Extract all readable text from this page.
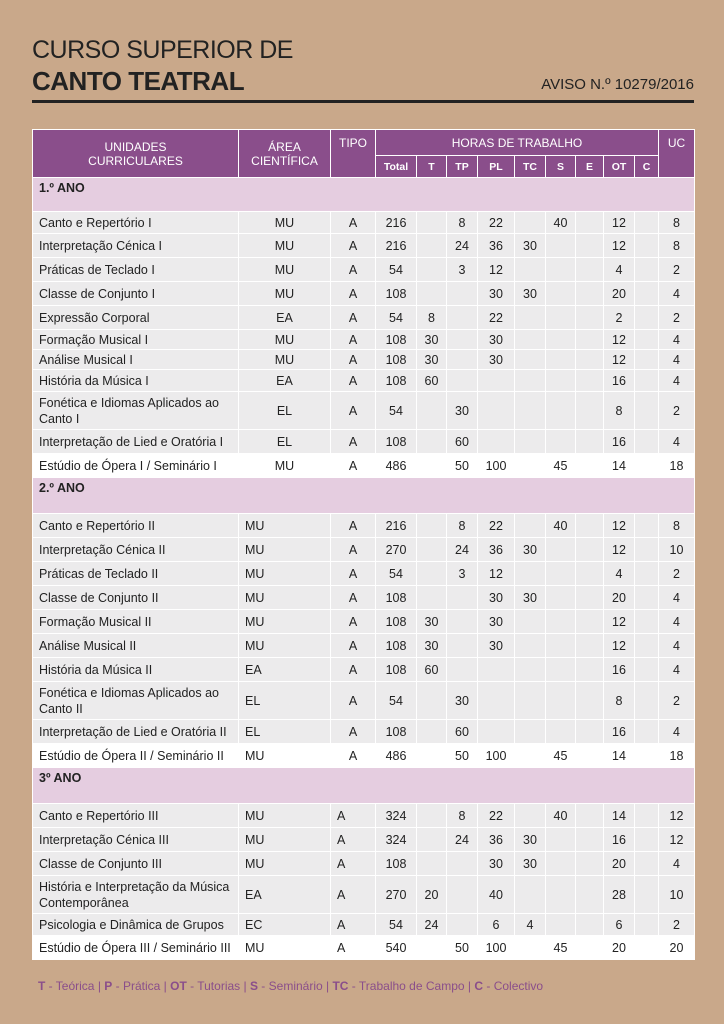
CURSO SUPERIOR DE
CANTO TEATRAL	AVISO N.º 10279/2016
UNIDADES CURRICULARES	ÁREA CIENTÍFICA	TIPO	HORAS DE TRABALHO									UC
			Total	T	TP	PL	TC	S	E	OT	C	
1.º ANO												
Canto e Repertório I	MU	A	216		8	22		40		12		8
Interpretação Cénica I	MU	A	216		24	36	30			12		8
Práticas de Teclado I	MU	A	54		3	12				4		2
Classe de Conjunto I	MU	A	108			30	30			20		4
Expressão Corporal	EA	A	54	8		22				2		2
Formação Musical I	MU	A	108	30		30				12		4
Análise Musical I	MU	A	108	30		30				12		4
História da Música I	EA	A	108	60						16		4
Fonética e Idiomas Aplicados ao Canto I	EL	A	54		30					8		2
Interpretação de Lied e Oratória I	EL	A	108		60					16		4
Estúdio de Ópera I / Seminário I	MU	A	486		50	100		45		14		18
2.º ANO												
Canto e Repertório II	MU	A	216		8	22		40		12		8
Interpretação Cénica II	MU	A	270		24	36	30			12		10
Práticas de Teclado II	MU	A	54		3	12				4		2
Classe de Conjunto II	MU	A	108			30	30			20		4
Formação Musical II	MU	A	108	30		30				12		4
Análise Musical II	MU	A	108	30		30				12		4
História da Música II	EA	A	108	60						16		4
Fonética e Idiomas Aplicados ao Canto II	EL	A	54		30					8		2
Interpretação de Lied e Oratória II	EL	A	108		60					16		4
Estúdio de Ópera II / Seminário II	MU	A	486		50	100		45		14		18
3º ANO												
Canto e Repertório III	MU	A	324		8	22		40		14		12
Interpretação Cénica III	MU	A	324		24	36	30			16		12
Classe de Conjunto III	MU	A	108			30	30			20		4
História e Interpretação da Música Contemporânea	EA	A	270	20		40				28		10
Psicologia e Dinâmica de Grupos	EC	A	54	24		6	4			6		2
Estúdio de Ópera III / Seminário III	MU	A	540		50	100		45		20		20
T - Teórica | P - Prática | OT - Tutorias | S - Seminário | TC - Trabalho de Campo | C - Colectivo
